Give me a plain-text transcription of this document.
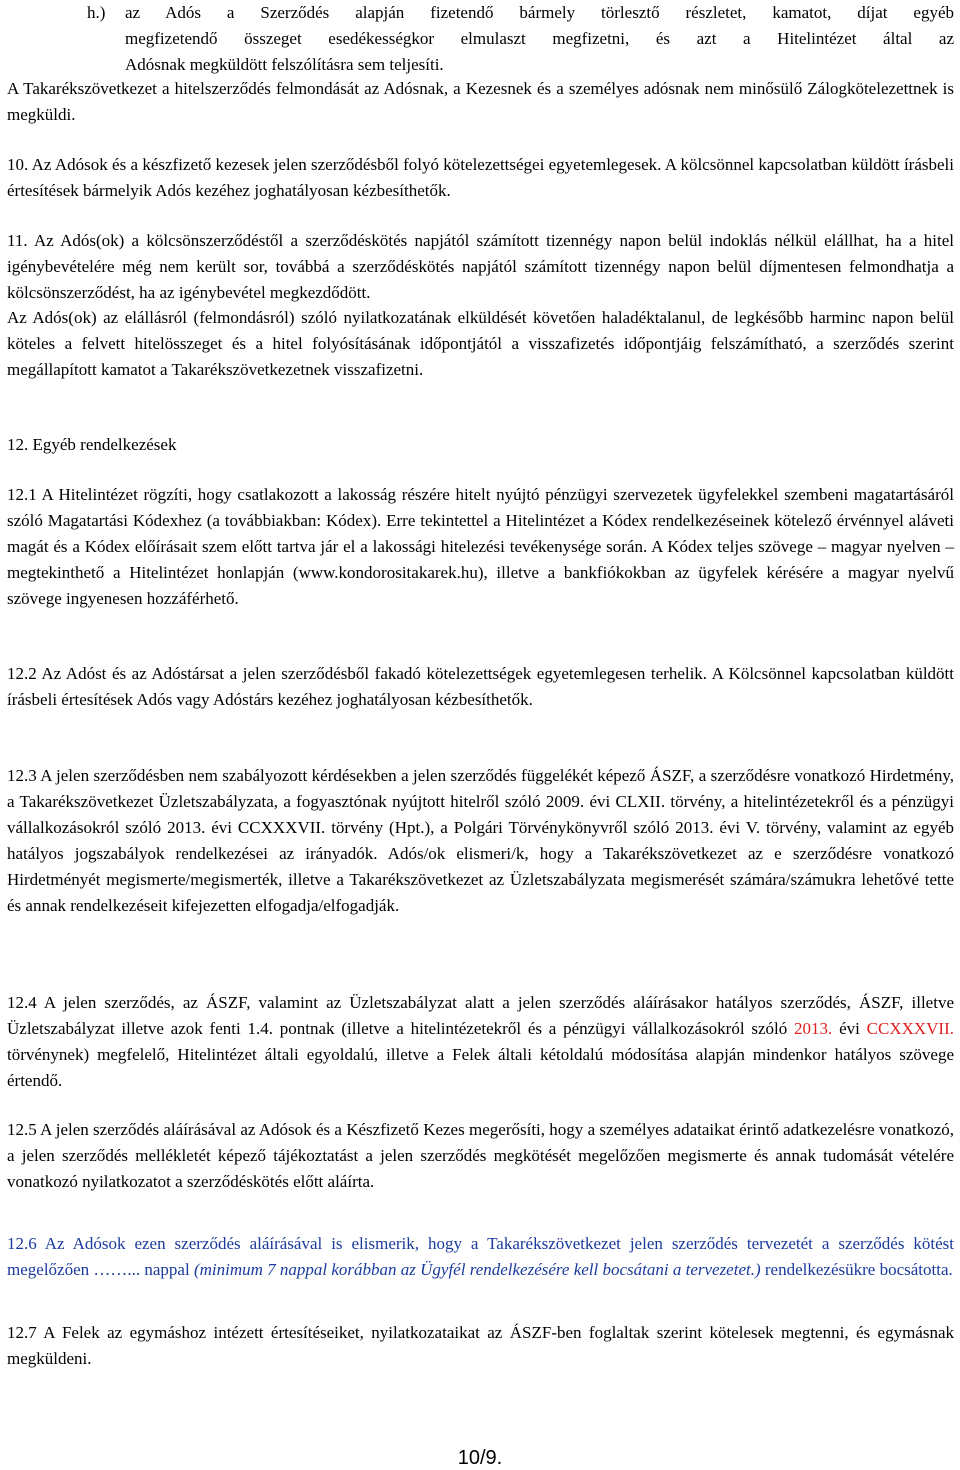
h.)	az Adós a Szerződés alapján fizetendő bármely törlesztő részletet, kamatot, díjat egyéb
megfizetendő összeget esedékességkor elmulaszt megfizetni, és azt a Hitelintézet által az
Adósnak megküldött felszólításra sem teljesíti.

A Takarékszövetkezet a hitelszerződés felmondását az Adósnak, a Kezesnek és a személyes adósnak nem minősülő Zálogkötelezettnek is megküldi.

10. Az Adósok és a készfizető kezesek jelen szerződésből folyó kötelezettségei egyetemlegesek. A kölcsönnel kapcsolatban küldött írásbeli értesítések bármelyik Adós kezéhez joghatályosan kézbesíthetők.

11. Az Adós(ok) a kölcsönszerződéstől a szerződéskötés napjától számított tizennégy napon belül indoklás nélkül elállhat, ha a hitel igénybevételére még nem került sor, továbbá a szerződéskötés napjától számított tizennégy napon belül díjmentesen felmondhatja a kölcsönszerződést, ha az igénybevétel megkezdődött.

Az Adós(ok) az elállásról (felmondásról) szóló nyilatkozatának elküldését követően haladéktalanul, de legkésőbb harminc napon belül köteles a felvett hitelösszeget és a hitel folyósításának időpontjától a visszafizetés időpontjáig felszámítható, a szerződés szerint megállapított kamatot a Takarékszövetkezetnek visszafizetni.

12. Egyéb rendelkezések

12.1 A Hitelintézet rögzíti, hogy csatlakozott a lakosság részére hitelt nyújtó pénzügyi szervezetek ügyfelekkel szembeni magatartásáról szóló Magatartási Kódexhez (a továbbiakban: Kódex). Erre tekintettel a Hitelintézet a Kódex rendelkezéseinek kötelező érvénnyel aláveti magát és a Kódex előírásait szem előtt tartva jár el a lakossági hitelezési tevékenysége során. A Kódex teljes szövege – magyar nyelven – megtekinthető a Hitelintézet honlapján (www.kondorositakarek.hu), illetve a bankfiókokban az ügyfelek kérésére a magyar nyelvű szövege ingyenesen hozzáférhető.

12.2 Az Adóst és az Adóstársat a jelen szerződésből fakadó kötelezettségek egyetemlegesen terhelik. A Kölcsönnel kapcsolatban küldött írásbeli értesítések Adós vagy Adóstárs kezéhez joghatályosan kézbesíthetők.

12.3 A jelen szerződésben nem szabályozott kérdésekben a jelen szerződés függelékét képező ÁSZF, a szerződésre vonatkozó Hirdetmény, a Takarékszövetkezet Üzletszabályzata, a fogyasztónak nyújtott hitelről szóló 2009. évi CLXII. törvény, a hitelintézetekről és a pénzügyi vállalkozásokról szóló 2013. évi CCXXXVII. törvény (Hpt.), a Polgári Törvénykönyvről szóló 2013. évi V. törvény, valamint az egyéb hatályos jogszabályok rendelkezései az irányadók. Adós/ok elismeri/k, hogy a Takarékszövetkezet az e szerződésre vonatkozó Hirdetményét megismerte/megismerték, illetve a Takarékszövetkezet az Üzletszabályzata megismerését számára/számukra lehetővé tette és annak rendelkezéseit kifejezetten elfogadja/elfogadják.

12.4 A jelen szerződés, az ÁSZF, valamint az Üzletszabályzat alatt a jelen szerződés aláírásakor hatályos szerződés, ÁSZF, illetve Üzletszabályzat illetve azok fenti 1.4. pontnak (illetve a hitelintézetekről és a pénzügyi vállalkozásokról szóló 2013. évi CCXXXVII. törvénynek) megfelelő, Hitelintézet általi egyoldalú, illetve a Felek általi kétoldalú módosítása alapján mindenkor hatályos szövege értendő.

12.5 A jelen szerződés aláírásával az Adósok és a Készfizető Kezes megerősíti, hogy a személyes adataikat érintő adatkezelésre vonatkozó, a jelen szerződés mellékletét képező tájékoztatást a jelen szerződés megkötését megelőzően megismerte és annak tudomását vételére vonatkozó nyilatkozatot a szerződéskötés előtt aláírta.

12.6 Az Adósok ezen szerződés aláírásával is elismerik, hogy a Takarékszövetkezet jelen szerződés tervezetét a szerződés kötést megelőzően ……... nappal (minimum 7 nappal korábban az Ügyfél rendelkezésére kell bocsátani a tervezetet.) rendelkezésükre bocsátotta.

12.7 A Felek az egymáshoz intézett értesítéseiket, nyilatkozataikat az ÁSZF-ben foglaltak szerint kötelesek megtenni, és egymásnak megküldeni.

10/9.
